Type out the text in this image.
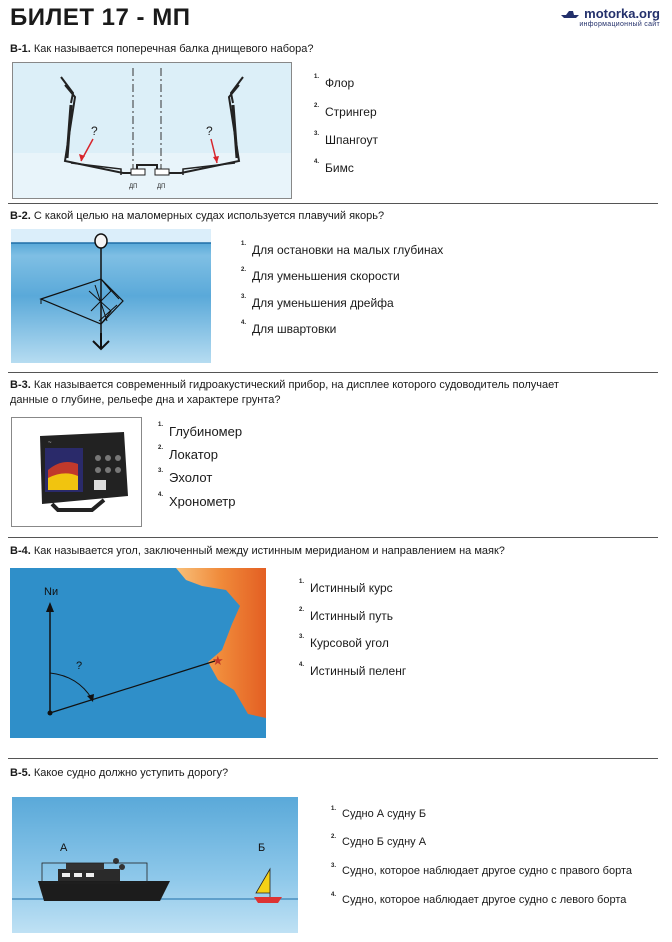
БИЛЕТ 17 - МП	motorka.org
информационный сайт
В-1. Как называется поперечная балка днищевого набора?
?	?
ДП	ДП
$^{1.}$ Флор
$^{2.}$ Стрингер
$^{3.}$ Шпангоут
$^{4.}$ Бимс
В-2. С какой целью на маломерных судах используется плавучий якорь?
$^{1.}$ Для остановки на малых глубинах
$^{2.}$ Для уменьшения скорости
$^{3.}$ Для уменьшения дрейфа
$^{4.}$ Для швартовки
В-3. Как называется современный гидроакустический прибор, на дисплее которого судоводитель получает
данные о глубине, рельефе дна и характере грунта?
~
$^{1.}$ Глубиномер
$^{2.}$ Локатор
$^{3.}$ Эхолот
$^{4.}$ Хронометр
В-4. Как называется угол, заключенный между истинным меридианом и направлением на маяк?
★
Nи
?
$^{1.}$ Истинный курс
$^{2.}$ Истинный путь
$^{3.}$ Курсовой угол
$^{4.}$ Истинный пеленг
В-5. Какое судно должно уступить дорогу?
А	Б
$^{1.}$ Судно А судну Б
$^{2.}$ Судно Б судну А
$^{3.}$ Судно, которое наблюдает другое судно с правого борта
$^{4.}$ Судно, которое наблюдает другое судно с левого борта
